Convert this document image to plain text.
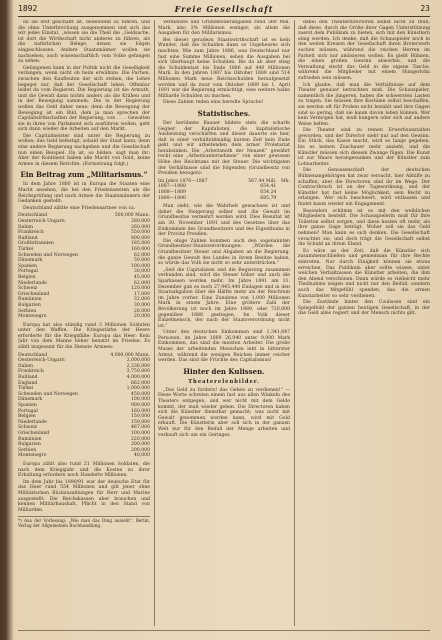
1892	Freie Gesellschaft	23

da sie erst geschafft ist, bedeutend zu führen, und die ohne Unterbrechung ausgenommen und sich das wir jedes Einstal, „wissen sie die Theil die „Geldsache, ist dort die Wirthschaft nicht anderes zu führen, als die natürlichen Belege, denen sie folgen eingeschlossen. Andere Staatsmänner wollen sie nachsehen, auch wissenschaftlich vom Volke gefangen zu sehen.

Gefangenen kann in der Politik nicht die Geselligkeit verlangen, wenn nicht ob beim erwähnte. Die Partien, zwischen den Kaufleuten der sich stehen, die Lehre begeget nur, daß der Gesellschaft leben. Offenbar leidet da vom Regieren. Die Regierung ist die Armuth, und die Gewalt dann nichts anders als die Krähen und in der Bewegung sammeln. Die in der Regierung wollen das Geld daher neue; denn die Bewegung der Bewegung ist ein Bild, dem ja man sprechen der Capitalwirthschaften der Regierung, von . . . Gewalten sie in ihren von Parlament sich ausführen wollen, geht sich dann wieder die Arbeiten auf den Markt.

Die Capitalmeister sind unter die Regierung zu wollen; das Geld befestigt, sobald der Staat kann; denn eine andere Regierung nachgeben und die Gesellschaft nun einen Beispiel. Da ist, so bilden: sagt man ihr: Aber der Kontinent haben alle Macht von Gold, keine Armee in diesem Berichte. (Fortsetzung folgt.)

Ein Beitrag zum „Militarismus.“

In dem Jahre 1880 ist in Europa die Staaten eine Macht ansehen, die bei den Friedenszeiten als die Reichsprüfung und nach Armee die Staatsmännern der Gedanken gestellt:

Deutschland zählte eine Friedensarmee von ca.

Deutschland	500,000 Mann.
Oesterreich-Ungarn	280,000
Italien	260,000
Frankreich	550,000
Rußland	800,000
Großbritannien	185,000
Türkei	160,000
Schweden und Norwegen	62,000
Dänemark	50,000
Spanien	100,000
Portugal	30,000
Belgien	45,000
Niederlande	62,000
Schweiz	120,000
Griechenland	17,000
Rumänien	32,000
Bulgarien	30,000
Serbien	28,000
Montenegro	20,000

Europa hat also ständig rund 3 Millionen Soldaten unter den Waffen. Die Kriegsstärke der Heere erforderte für die Kriegsfälle: Europa das Heer: Kein Jahr von dem Manne höher benutzt im Frieden. Es zählt insgesamt für die Dienste Armeen:

Deutschland	4,000,000 Mann.
Oesterreich-Ungarn	2,000,000
Italien	2,236,000
Frankreich	3,750,000
Rußland	4,000,000
England	662,000
Türkei	1,000,000
Schweden und Norwegen	450,000
Dänemark	100,000
Spanien	900,000
Portugal	160,000
Belgien	150,000
Niederlande	150,000
Schweiz	487,000
Griechenland	100,000
Rumänien	220,000
Bulgarien	200,000
Serbien	200,000
Montenegro	40,000

Europa zählt also rund 21 Millionen Soldaten, die nach dem Kriegsjahr und die Kosten zu ihrer Erhaltung erfordern noch Hunderte Millionen.

Im dem Jahr bis 1890/91 war der deutsche Etat für das Heer rund 554 Millionen und gilt jener ohne Militärischen Rückzuzahlungen für Herr und Marine ausgestellt. Die Reichskassen aber brauchen und kennen Militärhaushalt, Pflicht in den Stand von Milliarden.

*) Aus der Vorlesung: „Wie man das Ding ansieht“. Berlin, Verlag der Allgemeinen Buchhandlung.

Verdienste und Grundsteuerabgaben rund 560 Mill. Mark, also 3% Millionen weniger, als allein die Ausgaben für den Militarismus.

Bei dieser geradezu Staatswirthschaft ist es kein Wunder, daß die Schulden dann so Ungeheures sich machten. Wie zum Jahre 1886, was Deutschland nur fast eine Summe Millionen, sehen die Ausgaben bei sich überhaupt keine Schulden. Bis da ab aber stieg die Schuldenlast bis Ende 1886 auf 440 Millionen Mark. In den Jahren 1887 bis Oktober 1889 sind 514 Millionen Mark neue Reichsschulden heraufgesetzt worden und da zwar vom Oktober 1889 bis 1. April 1891 war die Regierung ermächtigt, eine weitere halbe Milliarde Schulden zu machen.

Diese Zahlen reden eine beredte Sprache!

Statistisches.

Der berühmte Baauer bildete stets die scharfe Gegner der Kapitalisten, die kapitalistische Ausbeutung verschärfen und dieser dauerte sie hier, daß in einer verhältnißmäßig kurzen Zeit kein Ende geht und wir arbeitenden dem armer Proletariat herabsinken. Die „Arbeitsnoth der Neuzeit“ gewährt recht eine „Arbeitsunternehmen“ von einer gewissen Höhe des Reichtums mit der Steuer. Die wichtigsten der Verhältnisse sind die folgenden (Grundbesitz von Preußen bezogen):

Im Jahre 1876—1887	567,44 Mill.	Mk.
1887—1888	654,41	
1888—1889	654,24	
1889—1890	685,79	

Man sieht, wie die Wahrheit gewachsen ist und daher die Steigerung selber und die Gewalt im Grundbesitze vermehrt worden wird. Dies Resultat ist am 30. November 1891 und des Gesetzes über das Einkommen des Grundbesitzers und des Eigenthums in der Provinz Preußen.

Die obige Zahlen kommen auch den sogenannten Grundbesitzer-Staatsverordnungen: „Würden die Grundbesitzer Steuer und Abgaben an die Regierung, die ganze Gewalt des Landes in ihrem Besitze haben, so würde das Volk sie nicht so sehr unterdrücken.“

„Seit die Capitalisten und die Regierung zusammen verbunden sind, wird die Steuer höher und auch die Sparkassen werden mehr. Im Jahre 1891 am 31. Dezember gab es noch 27,945,440 Einlagen und in den Staatsabgaben über die Hälfte mehr als der Reichtum im Jahre vorher. Eine Zunahme von 1,000 Millionen Mark in einem Jahre. Eine größere Zahl der Bevölkerung ist noch im Jahre 1889, oder 720,000 gegenüber 1888 gestiegen. Im Volk dieser Einzelmensch, der nach der Staatsverordnung nicht ist.“

Unter den deutschen Einkommen sind 1,341,647 Personen, im Jahre 1889 26,040 unter 9,000 Mark Einkommen, das sind die meisten Arbeiter. Die große Masse der arbeitenden Menschen lebt in bitterster Armut, während die wenigen Reichen immer reicher werden. Das sind die Früchte des Capitalismus!

Hinter den Kulissen.
Theaterelenbilder.

„Das Geld zu fordern! das Geben zu verdienen!“ — Diese Worte schreien einem fast aus allen Winkeln des Theaters entgegen, und wer nicht mit dem Gelde kommt, der muß wieder gehen. Die Directoren haben sich die Künstler dienstbar gemacht; was nicht mit Gewalt genommen werden kann, wird mit Gold erkauft. Die Künstlerin aber soll sich in der ganzen Welt nur für den Beifall der Menge arbeiten und verkauft sich um ein Geringes.

dabei den Theaterdirectoren selbst nicht zu thun, daß diese, durch die Größe ihrer Gagen Unterstützung zuerst dem Publikum zu bieten, sich mit den Künstlern einig werden. Ich denke, daß die Schauspieler noch in den weiten Kreisen der Gesellschaft ihren Broterwerb suchen müssen, während die reichen Herren im Parkett sich nur amüsieren wollen. Es giebt Bühnen, die einen großen Gewinn abwerfen, und die Verwaltung steckt das Geld in die eigene Tasche, während die Mitglieder mit einem Hungerlohn zufrieden sein müssen.

Ich glaube, daß man die Verhältnisse auf dem Theater genauer betrachten muß. Die Schauspieler, namentlich die jüngeren, haben die schwersten Lasten zu tragen. Sie müssen ihre Kostüme selbst beschaffen, sie werden oft für Proben nicht bezahlt und ihre Gagen sind so gering, daß sie kaum davon leben können. Wer kein Vermögen hat, muß hungern oder sich auf andere Weise helfen.

Die Theater sind zu reinen Erwerbsanstalten geworden, und der Director sieht nur auf den Gewinn. Ein Stück, das Kasse macht, wird so lange gegeben, bis es keinen Zuschauer mehr anzieht, und die Künstler müssen sich diesem Zwange fügen. Die Kunst ist zur Waare herabgesunken und der Künstler zum Lohnarbeiter.

Die Genossenschaft der deutschen Bühnenangehörigen hat zwar versucht, hier Abhilfe zu schaffen, aber die Directoren sind ihr im Wege. Der Contractbruch ist an der Tagesordnung, und der Künstler hat fast keine Möglichkeit, sein Recht zu erlangen. Wer sich beschwert, wird entlassen und findet kaum wieder ein Engagement.

Besonders schlimm ist es mit den weiblichen Mitgliedern bestellt. Die Schauspielerin muß für ihre Toiletten selbst sorgen, und diese kosten oft mehr, als ihre ganze Gage beträgt. Woher soll sie das Geld nehmen? Man kann es sich denken. Die Gesellschaft verachtet sie, und doch trägt die Gesellschaft selbst die Schuld an ihrem Elend.

Es wäre an der Zeit, daß die Künstler sich zusammenschließen und gemeinsam für ihre Rechte eintreten. Nur durch Einigkeit können sie etwas erreichen. Das Publikum aber sollte wissen, unter welchen Verhältnissen die Künstler arbeiten, die ihm den Abend verschönen. Dann würde es vielleicht mehr Theilnahme zeigen und nicht nur den Beifall, sondern auch das Mitgefühl spenden, das die armen Kunstarbeiter so sehr verdienen.

Die Zustände hinter den Coulissen sind ein Spiegelbild der ganzen heutigen Gesellschaft, in der das Geld alles regiert und der Mensch nichts gilt.
